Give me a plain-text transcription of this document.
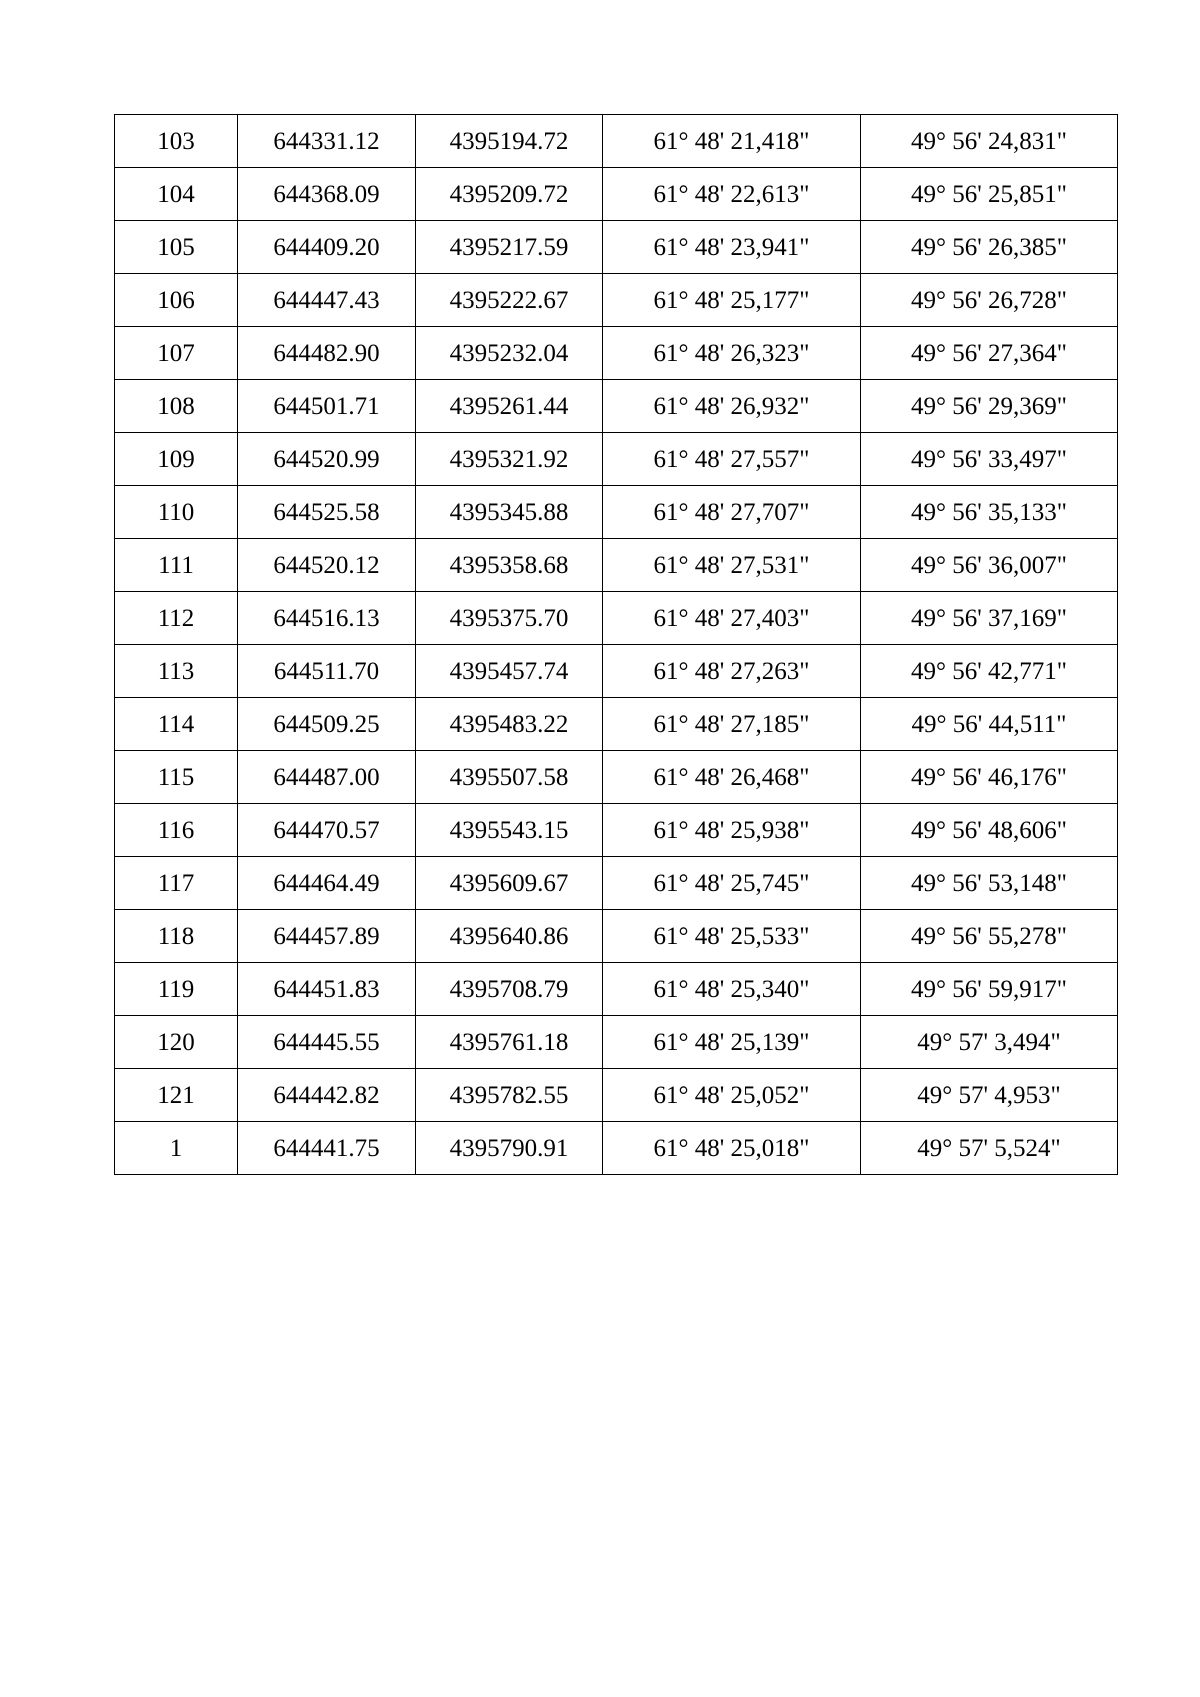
103	644331.12	4395194.72	61° 48' 21,418"	49° 56' 24,831"
104	644368.09	4395209.72	61° 48' 22,613"	49° 56' 25,851"
105	644409.20	4395217.59	61° 48' 23,941"	49° 56' 26,385"
106	644447.43	4395222.67	61° 48' 25,177"	49° 56' 26,728"
107	644482.90	4395232.04	61° 48' 26,323"	49° 56' 27,364"
108	644501.71	4395261.44	61° 48' 26,932"	49° 56' 29,369"
109	644520.99	4395321.92	61° 48' 27,557"	49° 56' 33,497"
110	644525.58	4395345.88	61° 48' 27,707"	49° 56' 35,133"
111	644520.12	4395358.68	61° 48' 27,531"	49° 56' 36,007"
112	644516.13	4395375.70	61° 48' 27,403"	49° 56' 37,169"
113	644511.70	4395457.74	61° 48' 27,263"	49° 56' 42,771"
114	644509.25	4395483.22	61° 48' 27,185"	49° 56' 44,511"
115	644487.00	4395507.58	61° 48' 26,468"	49° 56' 46,176"
116	644470.57	4395543.15	61° 48' 25,938"	49° 56' 48,606"
117	644464.49	4395609.67	61° 48' 25,745"	49° 56' 53,148"
118	644457.89	4395640.86	61° 48' 25,533"	49° 56' 55,278"
119	644451.83	4395708.79	61° 48' 25,340"	49° 56' 59,917"
120	644445.55	4395761.18	61° 48' 25,139"	49° 57' 3,494"
121	644442.82	4395782.55	61° 48' 25,052"	49° 57' 4,953"
1	644441.75	4395790.91	61° 48' 25,018"	49° 57' 5,524"
